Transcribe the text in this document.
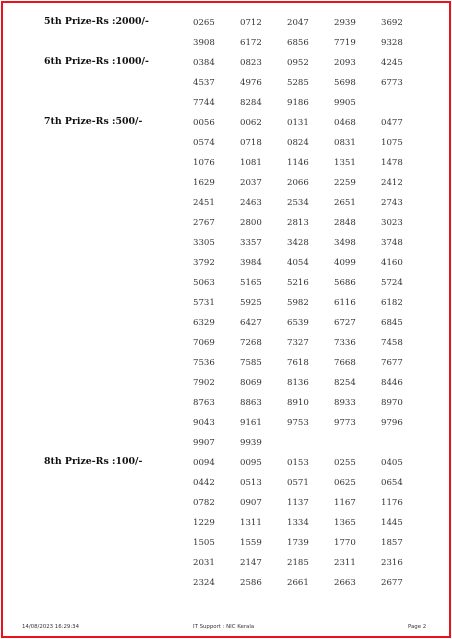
5th Prize-Rs :2000/-	0265	0712	2047	2939	3692
3908	6172	6856	7719	9328
6th Prize-Rs :1000/-	0384	0823	0952	2093	4245
4537	4976	5285	5698	6773
7744	8284	9186	9905
7th Prize-Rs :500/-	0056	0062	0131	0468	0477
0574	0718	0824	0831	1075
1076	1081	1146	1351	1478
1629	2037	2066	2259	2412
2451	2463	2534	2651	2743
2767	2800	2813	2848	3023
3305	3357	3428	3498	3748
3792	3984	4054	4099	4160
5063	5165	5216	5686	5724
5731	5925	5982	6116	6182
6329	6427	6539	6727	6845
7069	7268	7327	7336	7458
7536	7585	7618	7668	7677
7902	8069	8136	8254	8446
8763	8863	8910	8933	8970
9043	9161	9753	9773	9796
9907	9939
8th Prize-Rs :100/-	0094	0095	0153	0255	0405
0442	0513	0571	0625	0654
0782	0907	1137	1167	1176
1229	1311	1334	1365	1445
1505	1559	1739	1770	1857
2031	2147	2185	2311	2316
2324	2586	2661	2663	2677
14/08/2023 16:29:34	IT Support : NIC Kerala	Page 2
